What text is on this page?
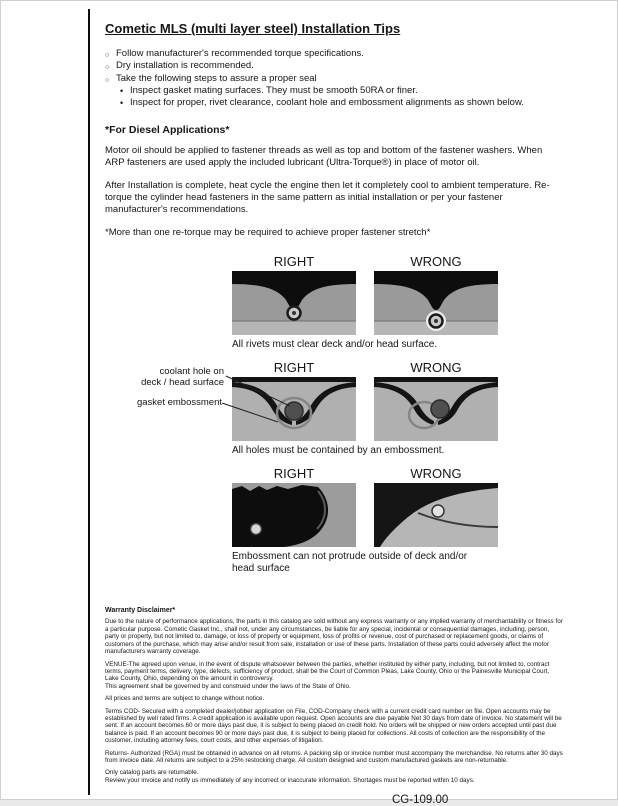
Cometic MLS (multi layer steel) Installation Tips
○ Follow manufacturer's recommended torque specifications.
○ Dry installation is recommended.
○ Take the following steps to assure a proper seal
• Inspect gasket mating surfaces. They must be smooth 50RA or finer.
• Inspect for proper, rivet clearance, coolant hole and embossment alignments as shown below.
*For Diesel Applications*
Motor oil should be applied to fastener threads as well as top and bottom of the fastener washers. When ARP fasteners are used apply the included lubricant (Ultra-Torque®) in place of motor oil.
After Installation is complete, heat cycle the engine then let it completely cool to ambient temperature. Re-torque the cylinder head fasteners in the same pattern as initial installation or per your fastener manufacturer's recommendations.
*More than one re-torque may be required to achieve proper fastener stretch*
RIGHT	WRONG
All rivets must clear deck and/or head surface.
coolant hole on deck / head surface
gasket embossment
RIGHT	WRONG
All holes must be contained by an embossment.
RIGHT	WRONG
Embossment can not protrude outside of deck and/or head surface
Warranty Disclaimer*
Due to the nature of performance applications, the parts in this catalog are sold without any express warranty or any implied warranty of merchantability or fitness for a particular purpose. Cometic Gasket Inc., shall not, under any circumstances, be liable for any special, incidental or consequential damages, including, person, party or property, but not limited to, damage, or loss of property or equipment, loss of profits or revenue, cost of purchased or replacement goods, or claims of customers of the purchase, which may arise and/or result from sale, installation or use of these parts. Installation of these parts could adversely affect the motor manufacturers warranty coverage.
VENUE-The agreed upon venue, in the event of dispute whatsoever between the parties, whether instituted by either party, including, but not limited to, contract terms, payment terms, delivery, type, defects, sufficiency of product, shall be the Court of Common Pleas, Lake County, Ohio or the Painesville Municipal Court, Lake County, Ohio, depending on the amount in controversy.
This agreement shall be governed by and construed under the laws of the State of Ohio.
All prices and terms are subject to change without notice.
Terms COD- Secured with a completed dealer/jobber application on File, COD-Company check with a current credit card number on file. Open accounts may be established by well rated firms. A credit application is available upon request. Open accounts are due payable Net 30 days from date of invoice. No statement will be sent. If an account becomes 60 or more days past due, it is subject to being placed on credit hold. No orders will be shipped or new orders accepted until past due balance is paid. If an account becomes 90 or more days past due, it is subject to being placed for collections. All costs of collection are the responsibility of the customer, including attorney fees, court costs, and other expenses of litigation.
Returns- Authorized (RGA) must be obtained in advance on all returns. A packing slip or invoice number must accompany the merchandise. No returns after 30 days from invoice date. All returns are subject to a 25% restocking charge. All custom designed and custom manufactured gaskets are non-returnable.
Only catalog parts are returnable.
Review your invoice and notify us immediately of any incorrect or inaccurate information. Shortages must be reported within 10 days.
CG-109.00
